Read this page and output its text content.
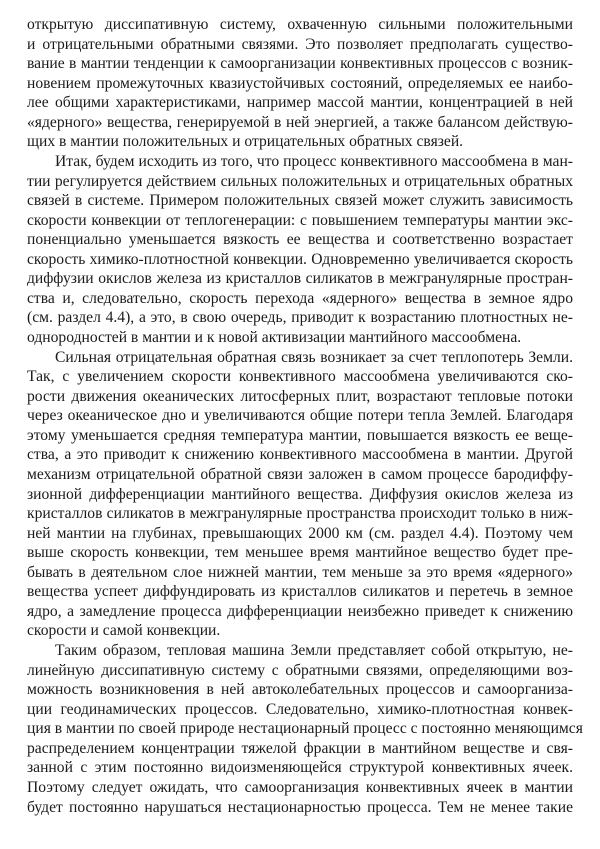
открытую диссипативную систему, охваченную сильными положительными
и отрицательными обратными связями. Это позволяет предполагать существо-
вание в мантии тенденции к самоорганизации конвективных процессов с возник-
новением промежуточных квазиустойчивых состояний, определяемых ее наибо-
лее общими характеристиками, например массой мантии, концентрацией в ней
«ядерного» вещества, генерируемой в ней энергией, а также балансом действую-
щих в мантии положительных и отрицательных обратных связей.
Итак, будем исходить из того, что процесс конвективного массообмена в ман-
тии регулируется действием сильных положительных и отрицательных обратных
связей в системе. Примером положительных связей может служить зависимость
скорости конвекции от теплогенерации: с повышением температуры мантии экс-
поненциально уменьшается вязкость ее вещества и соответственно возрастает
скорость химико-плотностной конвекции. Одновременно увеличивается скорость
диффузии окислов железа из кристаллов силикатов в межгранулярные простран-
ства и, следовательно, скорость перехода «ядерного» вещества в земное ядро
(см. раздел 4.4), а это, в свою очередь, приводит к возрастанию плотностных не-
однородностей в мантии и к новой активизации мантийного массообмена.
Сильная отрицательная обратная связь возникает за счет теплопотерь Земли.
Так, с увеличением скорости конвективного массообмена увеличиваются ско-
рости движения океанических литосферных плит, возрастают тепловые потоки
через океаническое дно и увеличиваются общие потери тепла Землей. Благодаря
этому уменьшается средняя температура мантии, повышается вязкость ее веще-
ства, а это приводит к снижению конвективного массообмена в мантии. Другой
механизм отрицательной обратной связи заложен в самом процессе бародиффу-
зионной дифференциации мантийного вещества. Диффузия окислов железа из
кристаллов силикатов в межгранулярные пространства происходит только в ниж-
ней мантии на глубинах, превышающих 2000 км (см. раздел 4.4). Поэтому чем
выше скорость конвекции, тем меньшее время мантийное вещество будет пре-
бывать в деятельном слое нижней мантии, тем меньше за это время «ядерного»
вещества успеет диффундировать из кристаллов силикатов и перетечь в земное
ядро, а замедление процесса дифференциации неизбежно приведет к снижению
скорости и самой конвекции.
Таким образом, тепловая машина Земли представляет собой открытую, не-
линейную диссипативную систему с обратными связями, определяющими воз-
можность возникновения в ней автоколебательных процессов и самоорганиза-
ции геодинамических процессов. Следовательно, химико-плотностная конвек-
ция в мантии по своей природе нестационарный процесс с постоянно меняющимся
распределением концентрации тяжелой фракции в мантийном веществе и свя-
занной с этим постоянно видоизменяющейся структурой конвективных ячеек.
Поэтому следует ожидать, что самоорганизация конвективных ячеек в мантии
будет постоянно нарушаться нестационарностью процесса. Тем не менее такие
